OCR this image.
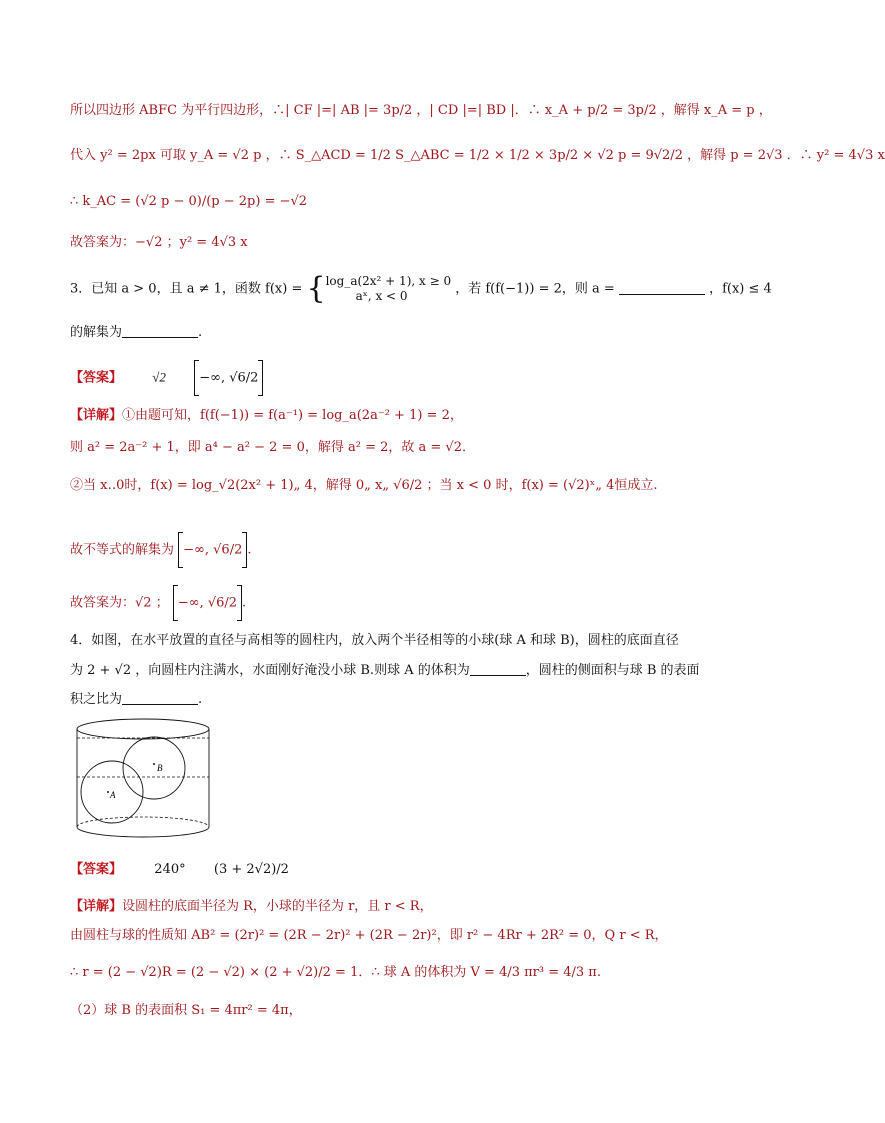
所以四边形 ABFC 为平行四边形，∴| CF |=| AB |= 3p/2 ，| CD |=| BD |．∴ x_A + p/2 = 3p/2 ，解得 x_A = p ，
代入 y² = 2px 可取 y_A = √2 p ，∴ S_△ACD = 1/2 S_△ABC = 1/2 × 1/2 × 3p/2 × √2 p = 9√2/2 ，解得 p = 2√3 ．∴ y² = 4√3 x
∴ k_AC = (√2 p − 0)/(p − 2p) = −√2
故答案为：−√2 ；y² = 4√3 x
3．已知 a > 0，且 a ≠ 1，函数 f(x) = { log_a(2x² + 1), x ≥ 0
aˣ, x < 0	，若 f(f(−1)) = 2，则 a =	，f(x) ≤ 4
的解集为	.
【答案】 √2	−∞, √6/2
【详解】①由题可知，f(f(−1)) = f(a⁻¹) = log_a(2a⁻² + 1) = 2，
则 a² = 2a⁻² + 1，即 a⁴ − a² − 2 = 0，解得 a² = 2，故 a = √2．
②当 x‥0时，f(x) = log_√2(2x² + 1)„ 4，解得 0„ x„ √6/2 ；当 x < 0 时，f(x) = (√2)ˣ„ 4恒成立.
故不等式的解集为 −∞, √6/2 .
故答案为：√2 ； −∞, √6/2 .
4．如图，在水平放置的直径与高相等的圆柱内，放入两个半径相等的小球(球 A 和球 B)，圆柱的底面直径
为 2 + √2 ，向圆柱内注满水，水面刚好淹没小球 B.则球 A 的体积为	，圆柱的侧面积与球 B 的表面
积之比为	.
B
A
【答案】 240° (3 + 2√2)/2
【详解】设圆柱的底面半径为 R，小球的半径为 r，且 r < R，
由圆柱与球的性质知 AB² = (2r)² = (2R − 2r)² + (2R − 2r)²，即 r² − 4Rr + 2R² = 0，Q r < R，
∴ r = (2 − √2)R = (2 − √2) × (2 + √2)/2 = 1．∴ 球 A 的体积为 V = 4/3 πr³ = 4/3 π.
（2）球 B 的表面积 S₁ = 4πr² = 4π，
